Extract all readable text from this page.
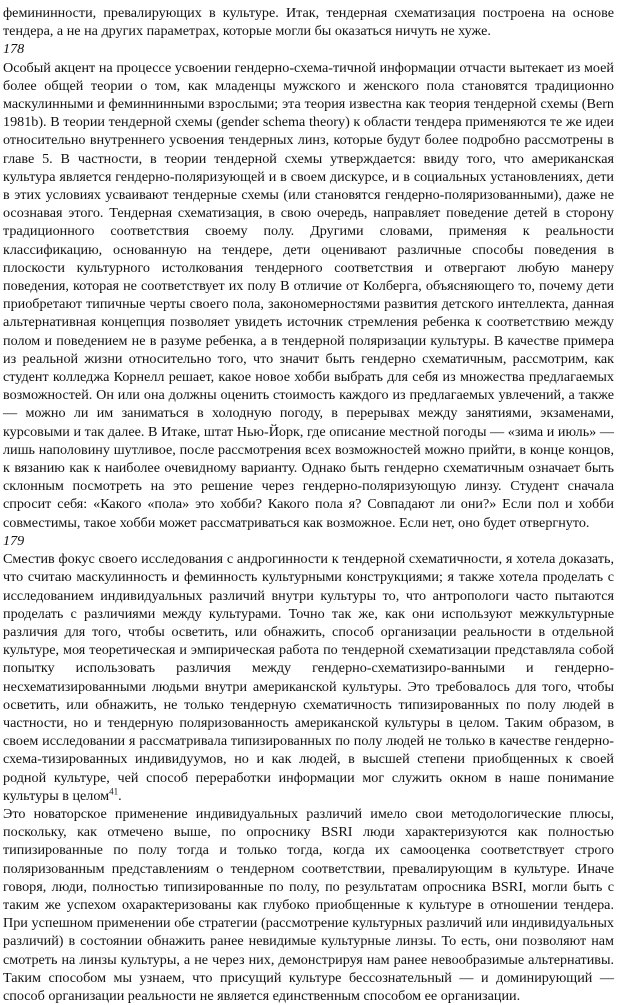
фемининности, превалирующих в культуре. Итак, тендерная схематизация построена на основе тендера, а не на других параметрах, которые могли бы оказаться ничуть не хуже.

178

Особый акцент на процессе усвоении гендерно-схема-тичной информации отчасти вытекает из моей более общей теории о том, как младенцы мужского и женского пола становятся традиционно маскулинными и феминнинными взрослыми; эта теория известна как теория тендерной схемы (Bern 1981b). В теории тендерной схемы (gender schema theory) к области тендера применяются те же идеи относительно внутреннего усвоения тендерных линз, которые будут более подробно рассмотрены в главе 5. В частности, в теории тендерной схемы утверждается: ввиду того, что американская культура является гендерно-поляризующей и в своем дискурсе, и в социальных установлениях, дети в этих условиях усваивают тендерные схемы (или становятся гендерно-поляризованными), даже не осознавая этого. Тендерная схематизация, в свою очередь, направляет поведение детей в сторону традиционного соответствия своему полу. Другими словами, применяя к реальности классификацию, основанную на тендере, дети оценивают различные способы поведения в плоскости культурного истолкования тендерного соответствия и отвергают любую манеру поведения, которая не соответствует их полу В отличие от Колберга, объясняющего то, почему дети приобретают типичные черты своего пола, закономерностями развития детского интеллекта, данная альтернативная концепция позволяет увидеть источник стремления ребенка к соответствию между полом и поведением не в разуме ребенка, а в тендерной поляризации культуры. В качестве примера из реальной жизни относительно того, что значит быть гендерно схематичным, рассмотрим, как студент колледжа Корнелл решает, какое новое хобби выбрать для себя из множества предлагаемых возможностей. Он или она должны оценить стоимость каждого из предлагаемых увлечений, а также — можно ли им заниматься в холодную погоду, в перерывах между занятиями, экзаменами, курсовыми и так далее. В Итаке, штат Нью-Йорк, где описание местной погоды — «зима и июль» — лишь наполовину шутливое, после рассмотрения всех возможностей можно прийти, в конце концов, к вязанию как к наиболее очевидному варианту. Однако быть гендерно схематичным означает быть склонным посмотреть на это решение через гендерно-поляризующую линзу. Студент сначала спросит себя: «Какого «пола» это хобби? Какого пола я? Совпадают ли они?» Если пол и хобби совместимы, такое хобби может рассматриваться как возможное. Если нет, оно будет отвергнуто.

179

Сместив фокус своего исследования с андрогинности к тендерной схематичности, я хотела доказать, что считаю маскулинность и феминность культурными конструкциями; я также хотела проделать с исследованием индивидуальных различий внутри культуры то, что антропологи часто пытаются проделать с различиями между культурами. Точно так же, как они используют межкультурные различия для того, чтобы осветить, или обнажить, способ организации реальности в отдельной культуре, моя теоретическая и эмпирическая работа по тендерной схематизации представляла собой попытку использовать различия между гендерно-схематизиро-ванными и гендерно-несхематизированными людьми внутри американской культуры. Это требовалось для того, чтобы осветить, или обнажить, не только тендерную схематичность типизированных по полу людей в частности, но и тендерную поляризованность американской культуры в целом. Таким образом, в своем исследовании я рассматривала типизированных по полу людей не только в качестве гендерно-схема-тизированных индивидуумов, но и как людей, в высшей степени приобщенных к своей родной культуре, чей способ переработки информации мог служить окном в наше понимание культуры в целом$^{41}$.

Это новаторское применение индивидуальных различий имело свои методологические плюсы, поскольку, как отмечено выше, по опроснику BSRI люди характеризуются как полностью типизированные по полу тогда и только тогда, когда их самооценка соответствует строго поляризованным представлениям о тендерном соответствии, превалирующим в культуре. Иначе говоря, люди, полностью типизированные по полу, по результатам опросника BSRI, могли быть с таким же успехом охарактеризованы как глубоко приобщенные к культуре в отношении тендера. При успешном применении обе стратегии (рассмотрение культурных различий или индивидуальных различий) в состоянии обнажить ранее невидимые культурные линзы. То есть, они позволяют нам смотреть на линзы культуры, а не через них, демонстрируя нам ранее невообразимые альтернативы. Таким способом мы узнаем, что присущий культуре бессознательный — и доминирующий — способ организации реальности не является единственным способом ее организации.
